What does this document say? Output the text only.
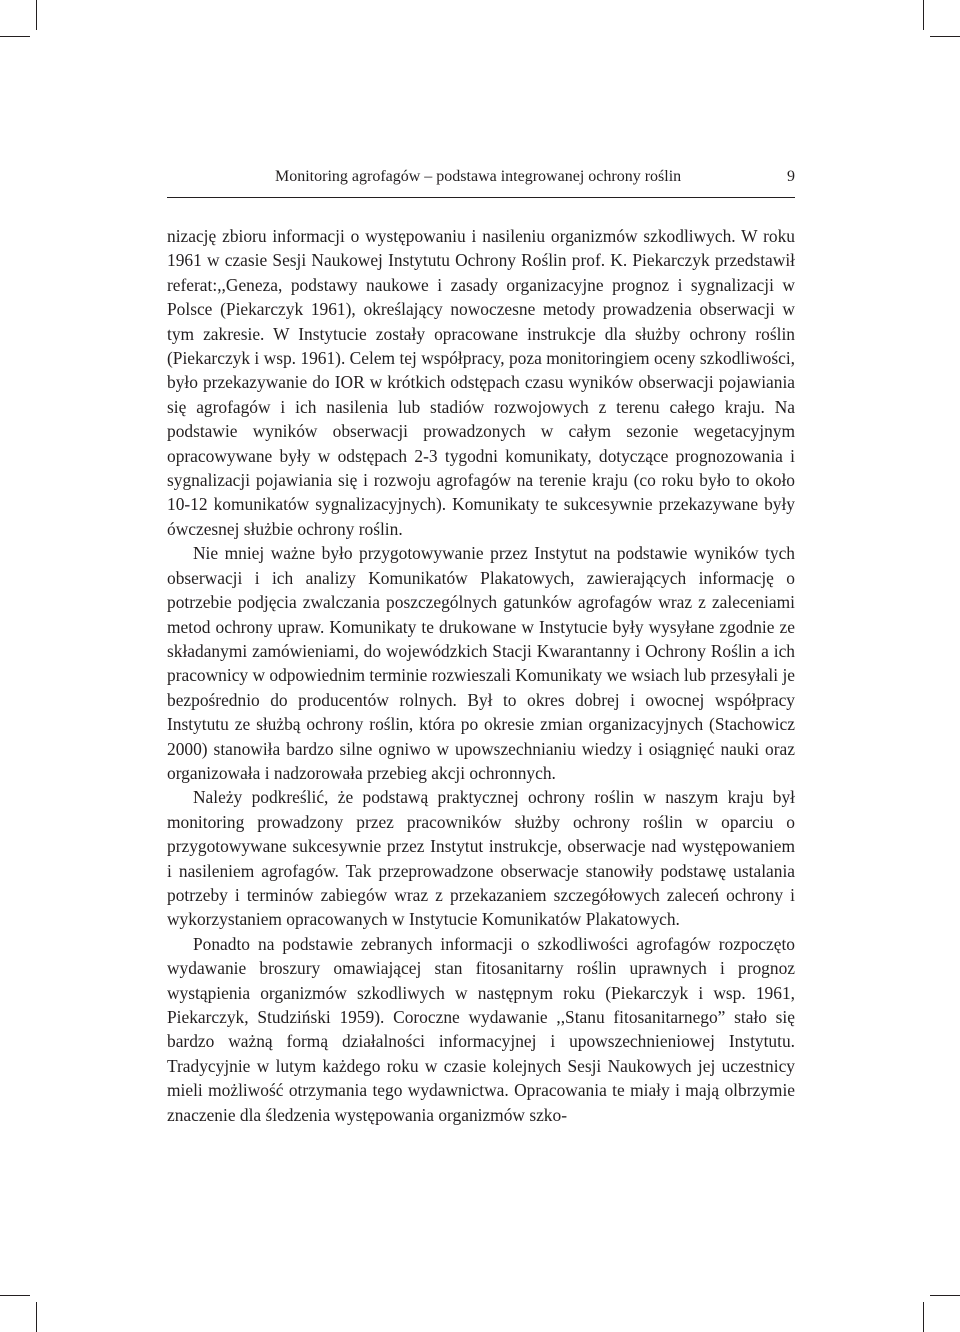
Monitoring agrofagów – podstawa integrowanej ochrony roślin	9

nizację zbioru informacji o występowaniu i nasileniu organizmów szkodliwych. W roku 1961 w czasie Sesji Naukowej Instytutu Ochrony Roślin prof. K. Piekarczyk przedstawił referat:,,Geneza, podstawy naukowe i zasady organizacyjne prognoz i sygnalizacji w Polsce (Piekarczyk 1961), określający nowoczesne metody prowadzenia obserwacji w tym zakresie. W Instytucie zostały opracowane instrukcje dla służby ochrony roślin (Piekarczyk i wsp. 1961). Celem tej współpracy, poza monitoringiem oceny szkodliwości, było przekazywanie do IOR w krótkich odstępach czasu wyników obserwacji pojawiania się agrofagów i ich nasilenia lub stadiów rozwojowych z terenu całego kraju. Na podstawie wyników obserwacji prowadzonych w całym sezonie wegetacyjnym opracowywane były w odstępach 2-3 tygodni komunikaty, dotyczące prognozowania i sygnalizacji pojawiania się i rozwoju agrofagów na terenie kraju (co roku było to około 10-12 komunikatów sygnalizacyjnych). Komunikaty te sukcesywnie przekazywane były ówczesnej służbie ochrony roślin.

Nie mniej ważne było przygotowywanie przez Instytut na podstawie wyników tych obserwacji i ich analizy Komunikatów Plakatowych, zawierających informację o potrzebie podjęcia zwalczania poszczególnych gatunków agrofagów wraz z zaleceniami metod ochrony upraw. Komunikaty te drukowane w Instytucie były wysyłane zgodnie ze składanymi zamówieniami, do wojewódzkich Stacji Kwarantanny i Ochrony Roślin a ich pracownicy w odpowiednim terminie rozwieszali Komunikaty we wsiach lub przesyłali je bezpośrednio do producentów rolnych. Był to okres dobrej i owocnej współpracy Instytutu ze służbą ochrony roślin, która po okresie zmian organizacyjnych (Stachowicz 2000) stanowiła bardzo silne ogniwo w upowszechnianiu wiedzy i osiągnięć nauki oraz organizowała i nadzorowała przebieg akcji ochronnych.

Należy podkreślić, że podstawą praktycznej ochrony roślin w naszym kraju był monitoring prowadzony przez pracowników służby ochrony roślin w oparciu o przygotowywane sukcesywnie przez Instytut instrukcje, obserwacje nad występowaniem i nasileniem agrofagów. Tak przeprowadzone obserwacje stanowiły podstawę ustalania potrzeby i terminów zabiegów wraz z przekazaniem szczegółowych zaleceń ochrony i wykorzystaniem opracowanych w Instytucie Komunikatów Plakatowych.

Ponadto na podstawie zebranych informacji o szkodliwości agrofagów rozpoczęto wydawanie broszury omawiającej stan fitosanitarny roślin uprawnych i prognoz wystąpienia organizmów szkodliwych w następnym roku (Piekarczyk i wsp. 1961, Piekarczyk, Studziński 1959). Coroczne wydawanie ,,Stanu fitosanitarnego” stało się bardzo ważną formą działalności informacyjnej i upowszechnieniowej Instytutu. Tradycyjnie w lutym każdego roku w czasie kolejnych Sesji Naukowych jej uczestnicy mieli możliwość otrzymania tego wydawnictwa. Opracowania te miały i mają olbrzymie znaczenie dla śledzenia występowania organizmów szko-
